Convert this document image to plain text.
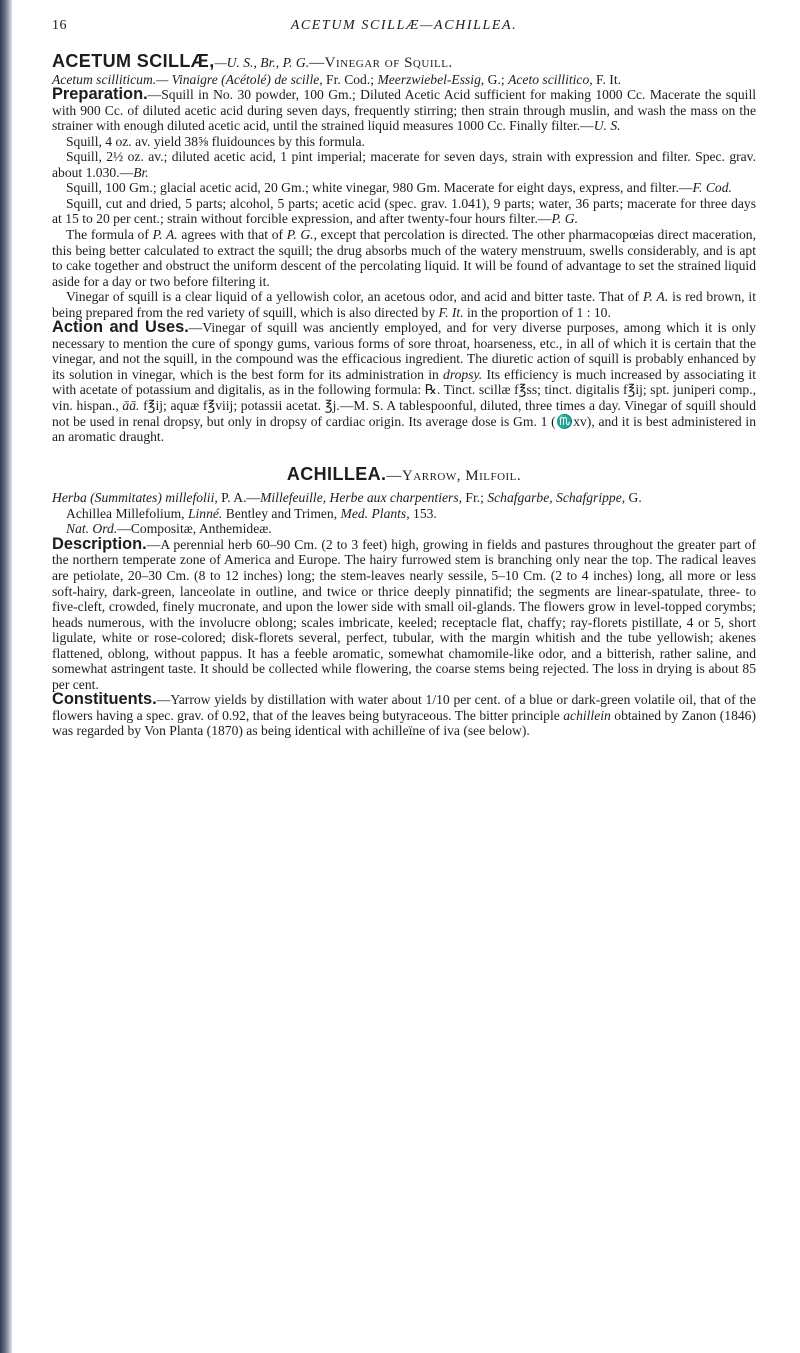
16	ACETUM SCILLÆ—ACHILLEA.

ACETUM SCILLÆ,—U. S., Br., P. G.—Vinegar of Squill.

Acetum scilliticum.— Vinaigre (Acétolé) de scille, Fr. Cod.; Meerzwiebel-Essig, G.; Aceto scillitico, F. It.

Preparation.—Squill in No. 30 powder, 100 Gm.; Diluted Acetic Acid sufficient for making 1000 Cc. Macerate the squill with 900 Cc. of diluted acetic acid during seven days, frequently stirring; then strain through muslin, and wash the mass on the strainer with enough diluted acetic acid, until the strained liquid measures 1000 Cc. Finally filter.—U. S.

Squill, 4 oz. av. yield 38⅝ fluidounces by this formula.

Squill, 2½ oz. av.; diluted acetic acid, 1 pint imperial; macerate for seven days, strain with expression and filter. Spec. grav. about 1.030.—Br.

Squill, 100 Gm.; glacial acetic acid, 20 Gm.; white vinegar, 980 Gm. Macerate for eight days, express, and filter.—F. Cod.

Squill, cut and dried, 5 parts; alcohol, 5 parts; acetic acid (spec. grav. 1.041), 9 parts; water, 36 parts; macerate for three days at 15 to 20 per cent.; strain without forcible expression, and after twenty-four hours filter.—P. G.

The formula of P. A. agrees with that of P. G., except that percolation is directed. The other pharmacopœias direct maceration, this being better calculated to extract the squill; the drug absorbs much of the watery menstruum, swells considerably, and is apt to cake together and obstruct the uniform descent of the percolating liquid. It will be found of advantage to set the strained liquid aside for a day or two before filtering it.

Vinegar of squill is a clear liquid of a yellowish color, an acetous odor, and acid and bitter taste. That of P. A. is red brown, it being prepared from the red variety of squill, which is also directed by F. It. in the proportion of 1 : 10.

Action and Uses.—Vinegar of squill was anciently employed, and for very diverse purposes, among which it is only necessary to mention the cure of spongy gums, various forms of sore throat, hoarseness, etc., in all of which it is certain that the vinegar, and not the squill, in the compound was the efficacious ingredient. The diuretic action of squill is probably enhanced by its solution in vinegar, which is the best form for its administration in dropsy. Its efficiency is much increased by associating it with acetate of potassium and digitalis, as in the following formula: ℞. Tinct. scillæ f℥ss; tinct. digitalis f℥ij; spt. juniperi comp., vin. hispan., āā. f℥ij; aquæ f℥viij; potassii acetat. ℥j.—M. S. A tablespoonful, diluted, three times a day. Vinegar of squill should not be used in renal dropsy, but only in dropsy of cardiac origin. Its average dose is Gm. 1 (♏xv), and it is best administered in an aromatic draught.

ACHILLEA.—Yarrow, Milfoil.

Herba (Summitates) millefolii, P. A.—Millefeuille, Herbe aux charpentiers, Fr.; Schafgarbe, Schafgrippe, G.

Achillea Millefolium, Linné. Bentley and Trimen, Med. Plants, 153.

Nat. Ord.—Compositæ, Anthemideæ.

Description.—A perennial herb 60–90 Cm. (2 to 3 feet) high, growing in fields and pastures throughout the greater part of the northern temperate zone of America and Europe. The hairy furrowed stem is branching only near the top. The radical leaves are petiolate, 20–30 Cm. (8 to 12 inches) long; the stem-leaves nearly sessile, 5–10 Cm. (2 to 4 inches) long, all more or less soft-hairy, dark-green, lanceolate in outline, and twice or thrice deeply pinnatifid; the segments are linear-spatulate, three- to five-cleft, crowded, finely mucronate, and upon the lower side with small oil-glands. The flowers grow in level-topped corymbs; heads numerous, with the involucre oblong; scales imbricate, keeled; receptacle flat, chaffy; ray-florets pistillate, 4 or 5, short ligulate, white or rose-colored; disk-florets several, perfect, tubular, with the margin whitish and the tube yellowish; akenes flattened, oblong, without pappus. It has a feeble aromatic, somewhat chamomile-like odor, and a bitterish, rather saline, and somewhat astringent taste. It should be collected while flowering, the coarse stems being rejected. The loss in drying is about 85 per cent.

Constituents.—Yarrow yields by distillation with water about 1/10 per cent. of a blue or dark-green volatile oil, that of the flowers having a spec. grav. of 0.92, that of the leaves being butyraceous. The bitter principle achillein obtained by Zanon (1846) was regarded by Von Planta (1870) as being identical with achilleïne of iva (see below).
